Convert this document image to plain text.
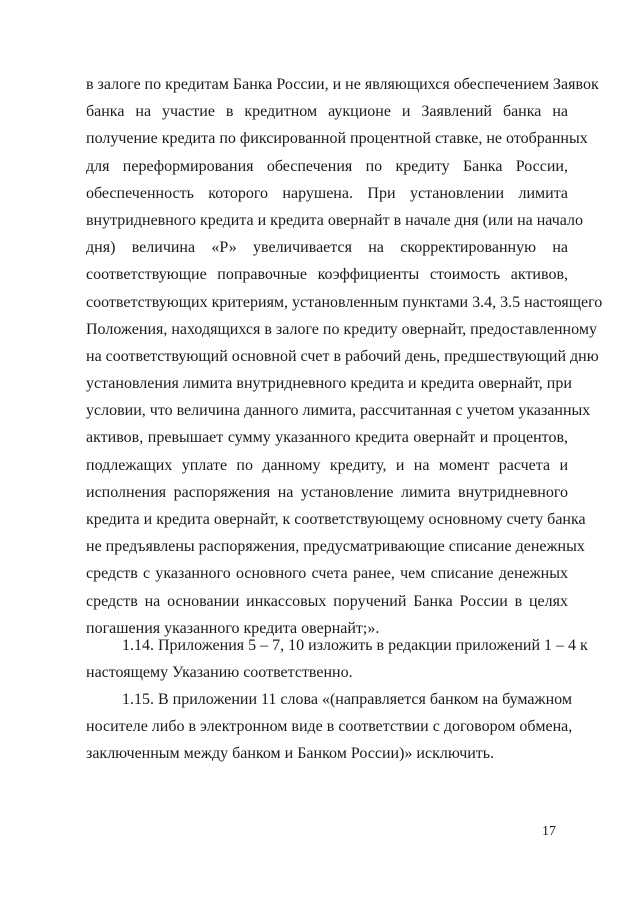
в залоге по кредитам Банка России, и не являющихся обеспечением Заявок
банка на участие в кредитном аукционе и Заявлений банка на
получение кредита по фиксированной процентной ставке, не отобранных
для переформирования обеспечения по кредиту Банка России,
обеспеченность которого нарушена. При установлении лимита
внутридневного кредита и кредита овернайт в начале дня (или на начало
дня) величина «Р» увеличивается на скорректированную на
соответствующие поправочные коэффициенты стоимость активов,
соответствующих критериям, установленным пунктами 3.4, 3.5 настоящего
Положения, находящихся в залоге по кредиту овернайт, предоставленному
на соответствующий основной счет в рабочий день, предшествующий дню
установления лимита внутридневного кредита и кредита овернайт, при
условии, что величина данного лимита, рассчитанная с учетом указанных
активов, превышает сумму указанного кредита овернайт и процентов,
подлежащих уплате по данному кредиту, и на момент расчета и
исполнения распоряжения на установление лимита внутридневного
кредита и кредита овернайт, к соответствующему основному счету банка
не предъявлены распоряжения, предусматривающие списание денежных
средств с указанного основного счета ранее, чем списание денежных
средств на основании инкассовых поручений Банка России в целях
погашения указанного кредита овернайт;».
1.14. Приложения 5 – 7, 10 изложить в редакции приложений 1 – 4 к
настоящему Указанию соответственно.
1.15. В приложении 11 слова «(направляется банком на бумажном
носителе либо в электронном виде в соответствии с договором обмена,
заключенным между банком и Банком России)» исключить.
17
